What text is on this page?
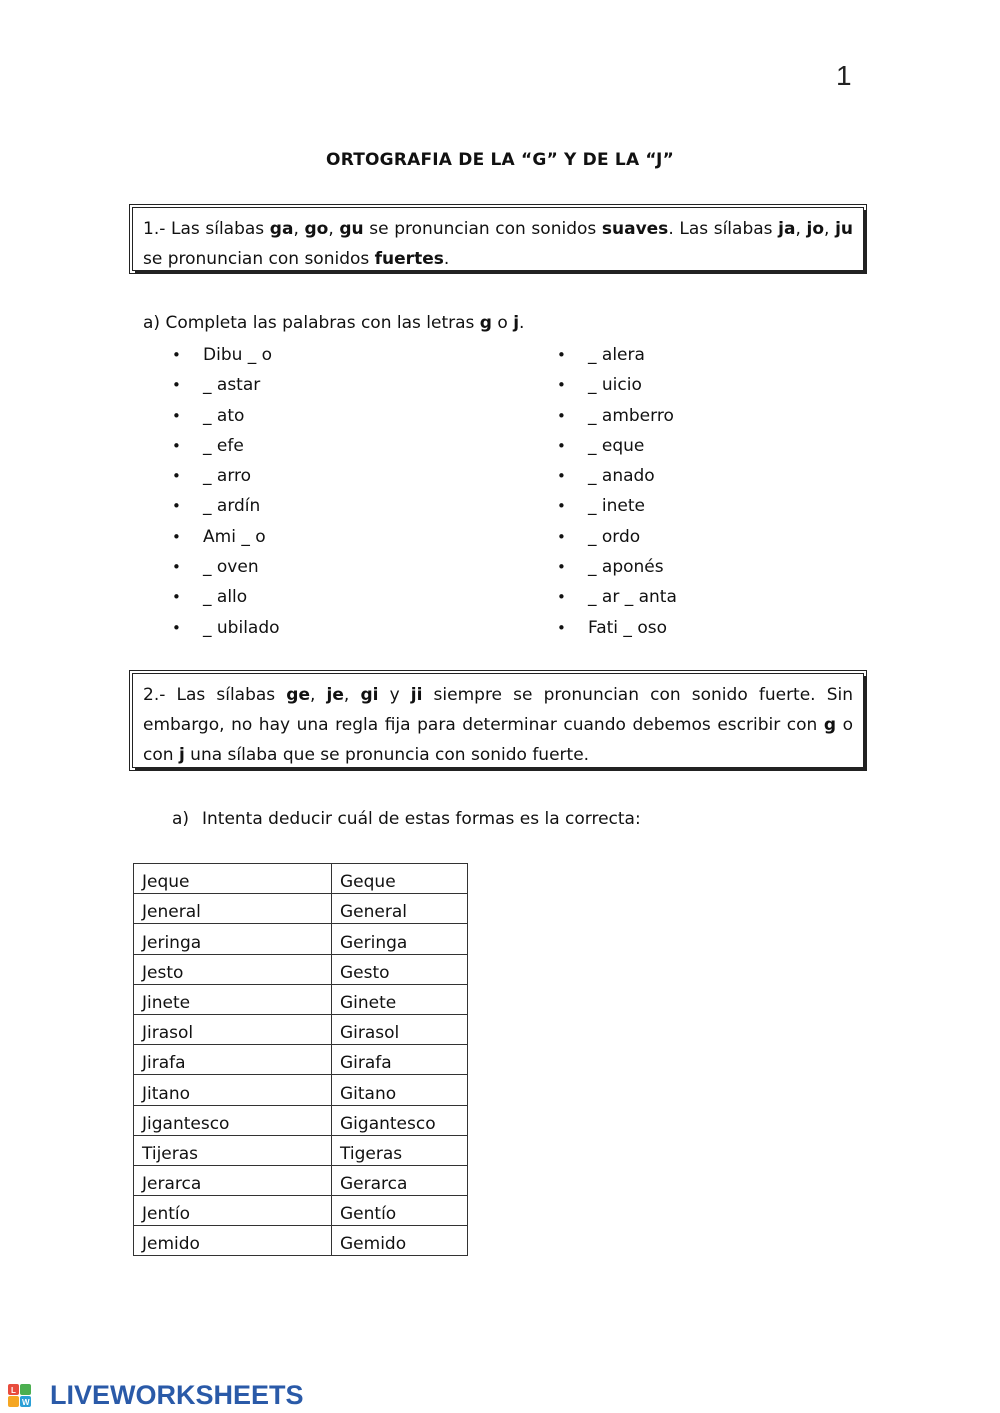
1
ORTOGRAFIA DE LA “G” Y DE LA “J”
1.- Las sílabas ga, go, gu se pronuncian con sonidos suaves. Las sílabas ja, jo, ju se pronuncian con sonidos fuertes.
a) Completa las palabras con las letras g o j.
• Dibu _ o
• _ astar
• _ ato
• _ efe
• _ arro
• _ ardín
• Ami _ o
• _ oven
• _ allo
• _ ubilado
• _ alera
• _ uicio
• _ amberro
• _ eque
• _ anado
• _ inete
• _ ordo
• _ aponés
• _ ar _ anta
• Fati _ oso
2.- Las sílabas ge, je, gi y ji siempre se pronuncian con sonido fuerte. Sin embargo, no hay una regla fija para determinar cuando debemos escribir con g o con j una sílaba que se pronuncia con sonido fuerte.
a) Intenta deducir cuál de estas formas es la correcta:
Jeque	Geque
Jeneral	General
Jeringa	Geringa
Jesto	Gesto
Jinete	Ginete
Jirasol	Girasol
Jirafa	Girafa
Jitano	Gitano
Jigantesco	Gigantesco
Tijeras	Tigeras
Jerarca	Gerarca
Jentío	Gentío
Jemido	Gemido
L
W LIVEWORKSHEETS
